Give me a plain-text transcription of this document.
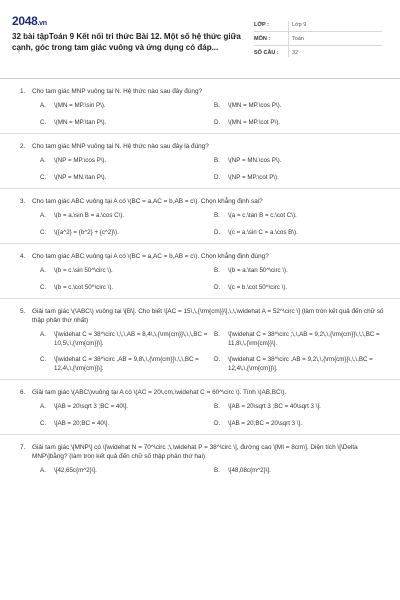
2048.vn
32 bài tậpToán 9 Kết nối tri thức Bài 12. Một số hệ thức giữa cạnh, góc trong tam giác vuông và ứng dụng có đáp...
LỚP :	Lớp 9
MÔN :	Toán
SỐ CÂU :	32
1.	Cho tam giác MNP vuông tại N. Hệ thức nào sau đây đúng?
A.	\(MN = MP.\sin P\).	B.	\(MN = MP.\cos P\).
C.	\(MN = MP.\tan P\).	D.	\(MN = MP.\cot P\).
2.	Cho tam giác MNP vuông tại N. Hệ thức nào sau đây là đúng?
A.	\(NP = MP.\cos P\).	B.	\(NP = MN.\cos P\).
C.	\(NP = MN.\tan P\).	D.	\(NP = MP.\cot P\).
3.	Cho tam giác ABC vuông tại A có \(BC = a,AC = b,AB = c\). Chọn khẳng định sai?
A.	\(b = a.\sin B = a.\cos C\).	B.	\(a = c.\tan B = c.\cot C\).
C.	\({a^2} = {b^2} + {c^2}\).	D.	\(c = a.\sin C = a.\cos B\).
4.	Cho tam giác ABC vuông tại A có \(BC = a,AC = b,AB = c\). Chọn khẳng định đúng?
A.	\(b = c.\sin 50^\circ \).	B.	\(b = a.\tan 50^\circ \).
C.	\(b = c.\cot 50^\circ \).	D.	\(c = b.\cot 50^\circ \).
5.	Giải tam giác \(\ABC\) vuông tại \[B\]. Cho biết \[AC = 15\,\,{\rm{cm}}\],\,\,\widehat A = 52^\circ \] (làm tròn kết quả đến chữ số thập phân thứ nhất)
A.	\[\widehat C = 38^\circ \,\,\,AB = 8,4\,\,{\rm{cm}}\,\,\,BC = 10,5\,\,{\rm{cm}}\].
B.	\[\widehat C = 38^\circ ;\,\,AB = 9,2\,\,{\rm{cm}}\,\,\,BC = 11,8\,\,{\rm{cm}}\].
C.	\[\widehat C = 38^\circ ,AB = 9,8\,\,{\rm{cm}}\,\,\,BC = 12,4\,\,{\rm{cm}}\].
D.	\[\widehat C = 38^\circ ,AB = 9,2\,\,{\rm{cm}}\,\,\,BC = 12,4\,\,{\rm{cm}}\].
6.	Giải tam giác \(ABC\)vuông tại A có \(AC = 20\,cm,\widehat C = 60^\circ \). Tính \(AB,BC\).
A.	\[AB = 20\sqrt 3 ;BC = 40\].	B.	\[AB = 20\sqrt 3 ;BC = 40\sqrt 3 \].
C.	\[AB = 20;BC = 40\].	D.	\[AB = 20;BC = 20\sqrt 3 \].
7.	Giải tam giác \[MNP\] có \[\widehat N = 70^\circ ;\,\widehat P = 38^\circ \], đường cao \[MI = 8cm\]. Diện tích \[\Delta MNP\]bằng? (làm tròn kết quả đến chữ số thập phân thứ hai)
A.	\[42,65c{m^2}\].	B.	\[48,08c{m^2}\].
